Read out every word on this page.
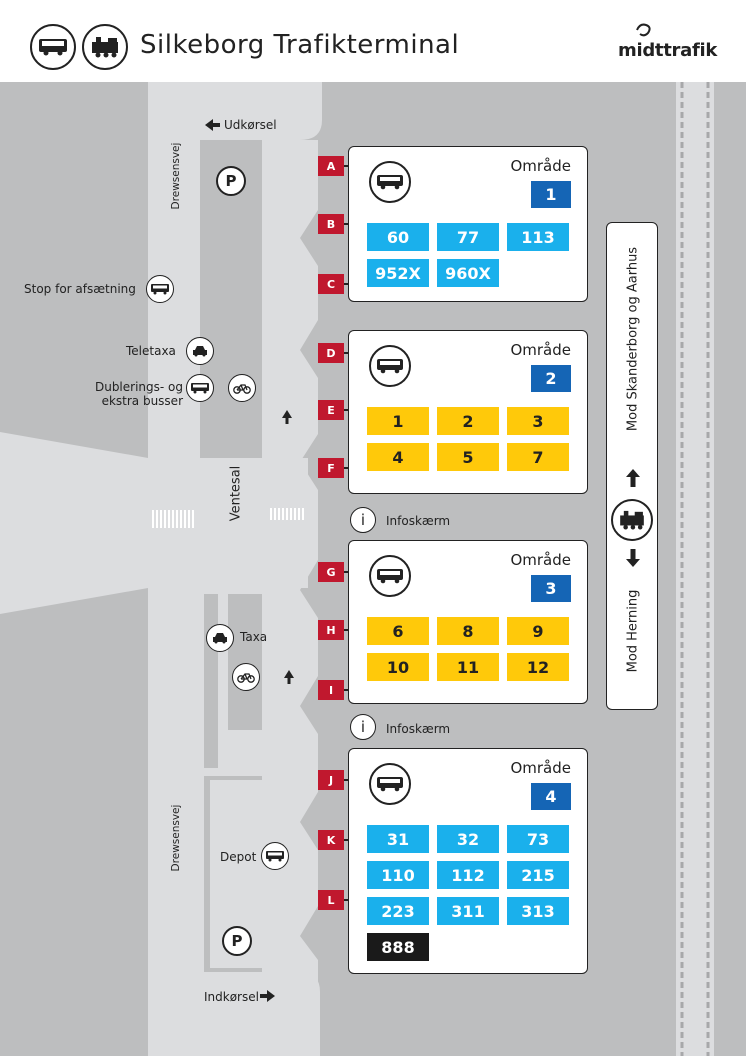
Silkeborg Trafikterminal	midttrafik
Udkørsel
Drewsensvej	P
Stop for afsætning
Teletaxa
Dublerings- og ekstra busser
Ventesal	i	Infoskærm
Taxa
i	Infoskærm
Drewsensvej	Depot
P
Indkørsel
A
B
C
D
E
F
G
H
I
J
K
L
Område
1
60	77	113
952X	960X
Område
2
1	2	3
4	5	7
Område
3
6	8	9
10	11	12
Område
4
31	32	73
110	112	215
223	311	313
888
Mod Skanderborg og Aarhus
Mod Herning
